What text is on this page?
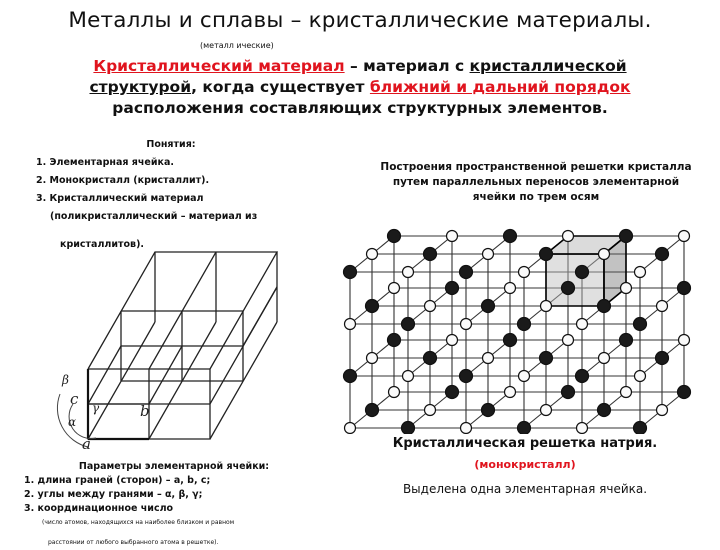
Металлы и сплавы – кристаллические материалы.
(металл ические)
Кристаллический материал – материал с кристаллической структурой, когда существует ближний и дальний порядок расположения составляющих структурных элементов.
Понятия:
1. Элементарная ячейка.
2. Монокристалл (кристаллит).
3. Кристаллический материал
(поликристаллический – материал из
кристаллитов).
c
b
a
β
γ
α
Параметры элементарной ячейки:
1. длина граней (сторон) – a, b, c;
2. углы между гранями – α, β, γ;
3. координационное число
(число атомов, находящихся на наиболее близком и равном
расстоянии от любого выбранного атома в решетке).
Построения пространственной решетки кристалла путем параллельных переносов элементарной ячейки по трем осям
Кристаллическая решетка натрия.
(монокристалл)
Выделена одна элементарная ячейка.
